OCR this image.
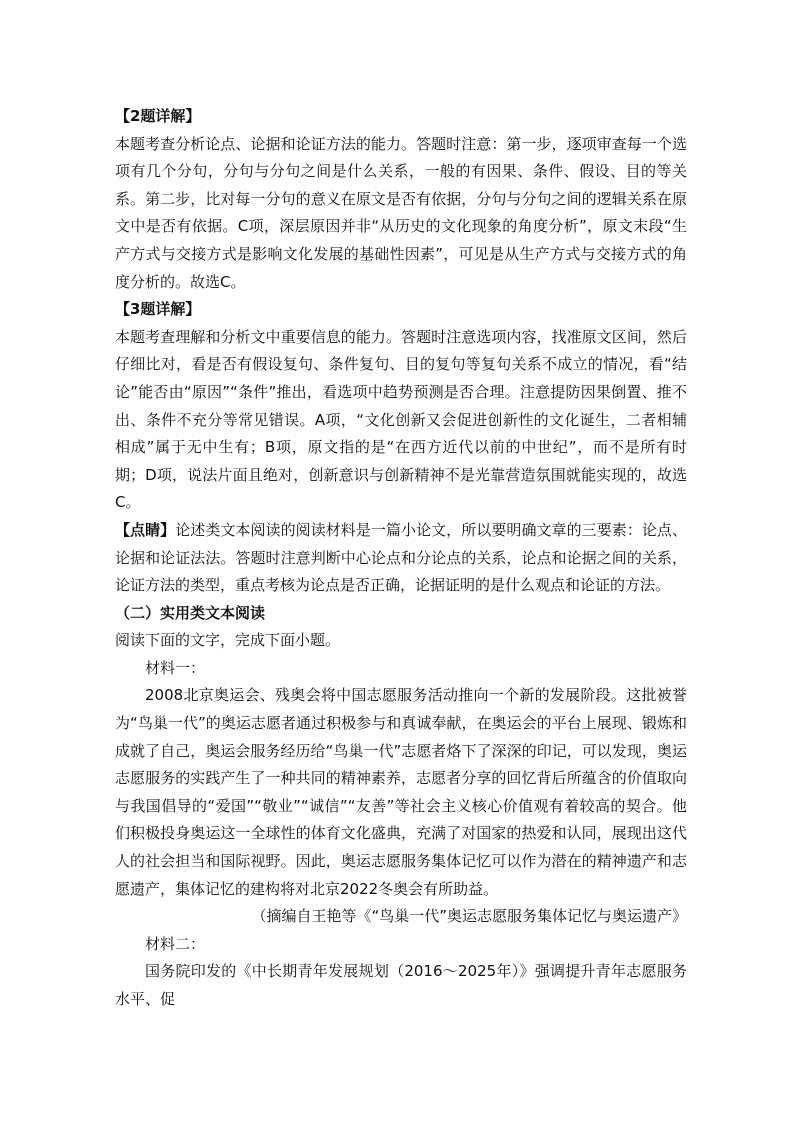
【2题详解】

本题考查分析论点、论据和论证方法的能力。答题时注意：第一步，逐项审查每一个选项有几个分句，分句与分句之间是什么关系，一般的有因果、条件、假设、目的等关系。第二步，比对每一分句的意义在原文是否有依据，分句与分句之间的逻辑关系在原文中是否有依据。C项，深层原因并非“从历史的文化现象的角度分析”，原文末段“生产方式与交接方式是影响文化发展的基础性因素”，可见是从生产方式与交接方式的角度分析的。故选C。

【3题详解】

本题考查理解和分析文中重要信息的能力。答题时注意选项内容，找准原文区间，然后仔细比对，看是否有假设复句、条件复句、目的复句等复句关系不成立的情况，看“结论”能否由“原因”“条件”推出，看选项中趋势预测是否合理。注意提防因果倒置、推不出、条件不充分等常见错误。A项，“文化创新又会促进创新性的文化诞生，二者相辅相成”属于无中生有；B项，原文指的是“在西方近代以前的中世纪”，而不是所有时期；D项，说法片面且绝对，创新意识与创新精神不是光靠营造氛围就能实现的，故选C。

【点睛】论述类文本阅读的阅读材料是一篇小论文，所以要明确文章的三要素：论点、论据和论证法法。答题时注意判断中心论点和分论点的关系，论点和论据之间的关系，论证方法的类型，重点考核为论点是否正确，论据证明的是什么观点和论证的方法。

（二）实用类文本阅读

阅读下面的文字，完成下面小题。

材料一：

2008北京奥运会、残奥会将中国志愿服务活动推向一个新的发展阶段。这批被誉为“鸟巢一代”的奥运志愿者通过积极参与和真诚奉献，在奥运会的平台上展现、锻炼和成就了自己，奥运会服务经历给“鸟巢一代”志愿者烙下了深深的印记，可以发现，奥运志愿服务的实践产生了一种共同的精神素养，志愿者分享的回忆背后所蕴含的价值取向与我国倡导的“爱国”“敬业”“诚信”“友善”等社会主义核心价值观有着较高的契合。他们积极投身奥运这一全球性的体育文化盛典，充满了对国家的热爱和认同，展现出这代人的社会担当和国际视野。因此，奥运志愿服务集体记忆可以作为潜在的精神遗产和志愿遗产，集体记忆的建构将对北京2022冬奥会有所助益。

（摘编自王艳等《“鸟巢一代”奥运志愿服务集体记忆与奥运遗产》

材料二：

国务院印发的《中长期青年发展规划（2016～2025年）》强调提升青年志愿服务水平、促
